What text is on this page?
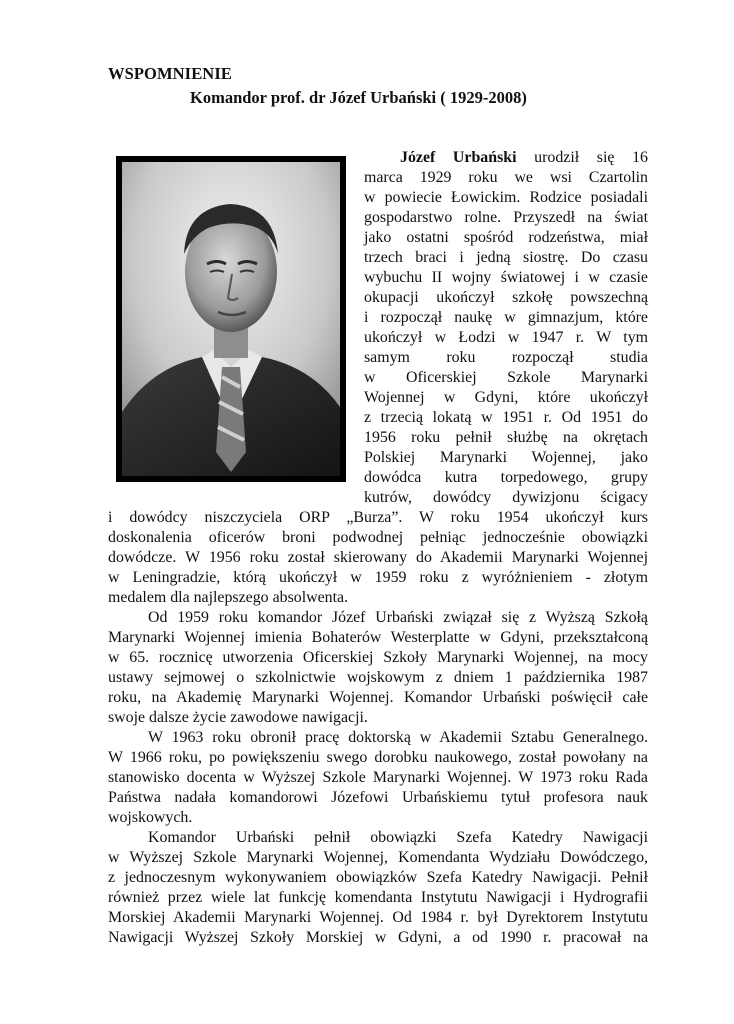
WSPOMNIENIE
Komandor prof. dr Józef Urbański ( 1929-2008)
Józef Urbański urodził się 16
marca 1929 roku we wsi Czartolin
w powiecie Łowickim. Rodzice posiadali
gospodarstwo rolne. Przyszedł na świat
jako ostatni spośród rodzeństwa, miał
trzech braci i jedną siostrę. Do czasu
wybuchu II wojny światowej i w czasie
okupacji ukończył szkołę powszechną
i rozpoczął naukę w gimnazjum, które
ukończył w Łodzi w 1947 r. W tym
samym roku rozpoczął studia
w Oficerskiej Szkole Marynarki
Wojennej w Gdyni, które ukończył
z trzecią lokatą w 1951 r. Od 1951 do
1956 roku pełnił służbę na okrętach
Polskiej Marynarki Wojennej, jako
dowódca kutra torpedowego, grupy
kutrów, dowódcy dywizjonu ścigacy
i dowódcy niszczyciela ORP „Burza”. W roku 1954 ukończył kurs
doskonalenia oficerów broni podwodnej pełniąc jednocześnie obowiązki
dowódcze. W 1956 roku został skierowany do Akademii Marynarki Wojennej
w Leningradzie, którą ukończył w 1959 roku z wyróżnieniem - złotym
medalem dla najlepszego absolwenta.
Od 1959 roku komandor Józef Urbański związał się z Wyższą Szkołą
Marynarki Wojennej imienia Bohaterów Westerplatte w Gdyni, przekształconą
w 65. rocznicę utworzenia Oficerskiej Szkoły Marynarki Wojennej, na mocy
ustawy sejmowej o szkolnictwie wojskowym z dniem 1 października 1987
roku, na Akademię Marynarki Wojennej. Komandor Urbański poświęcił całe
swoje dalsze życie zawodowe nawigacji.
W 1963 roku obronił pracę doktorską w Akademii Sztabu Generalnego.
W 1966 roku, po powiększeniu swego dorobku naukowego, został powołany na
stanowisko docenta w Wyższej Szkole Marynarki Wojennej. W 1973 roku Rada
Państwa nadała komandorowi Józefowi Urbańskiemu tytuł profesora nauk
wojskowych.
Komandor Urbański pełnił obowiązki Szefa Katedry Nawigacji
w Wyższej Szkole Marynarki Wojennej, Komendanta Wydziału Dowódczego,
z jednoczesnym wykonywaniem obowiązków Szefa Katedry Nawigacji. Pełnił
również przez wiele lat funkcję komendanta Instytutu Nawigacji i Hydrografii
Morskiej Akademii Marynarki Wojennej. Od 1984 r. był Dyrektorem Instytutu
Nawigacji Wyższej Szkoły Morskiej w Gdyni, a od 1990 r. pracował na
